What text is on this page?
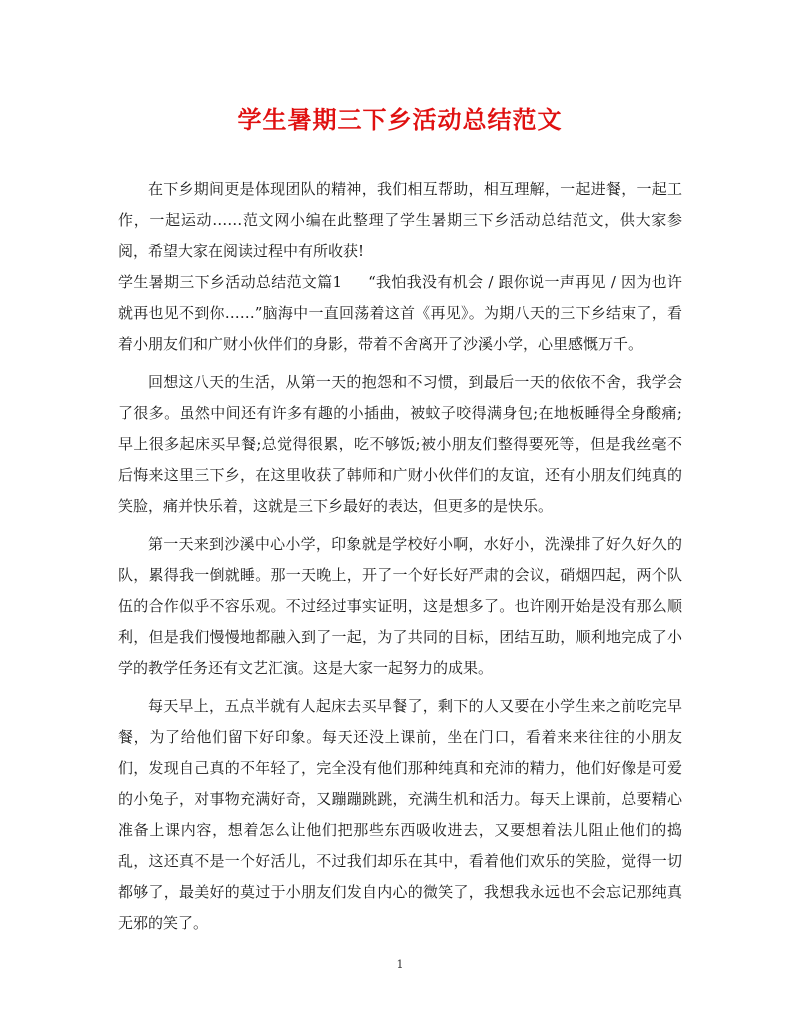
学生暑期三下乡活动总结范文

在下乡期间更是体现团队的精神，我们相互帮助，相互理解，一起进餐，一起工作，一起运动……范文网小编在此整理了学生暑期三下乡活动总结范文，供大家参阅，希望大家在阅读过程中有所收获!

学生暑期三下乡活动总结范文篇1 “我怕我没有机会 / 跟你说一声再见 / 因为也许就再也见不到你……”脑海中一直回荡着这首《再见》。为期八天的三下乡结束了，看着小朋友们和广财小伙伴们的身影，带着不舍离开了沙溪小学，心里感慨万千。

回想这八天的生活，从第一天的抱怨和不习惯，到最后一天的依依不舍，我学会了很多。虽然中间还有许多有趣的小插曲，被蚊子咬得满身包;在地板睡得全身酸痛;早上很多起床买早餐;总觉得很累，吃不够饭;被小朋友们整得要死等，但是我丝毫不后悔来这里三下乡，在这里收获了韩师和广财小伙伴们的友谊，还有小朋友们纯真的笑脸，痛并快乐着，这就是三下乡最好的表达，但更多的是快乐。

第一天来到沙溪中心小学，印象就是学校好小啊，水好小，洗澡排了好久好久的队，累得我一倒就睡。那一天晚上，开了一个好长好严肃的会议，硝烟四起，两个队伍的合作似乎不容乐观。不过经过事实证明，这是想多了。也许刚开始是没有那么顺利，但是我们慢慢地都融入到了一起，为了共同的目标，团结互助，顺利地完成了小学的教学任务还有文艺汇演。这是大家一起努力的成果。

每天早上，五点半就有人起床去买早餐了，剩下的人又要在小学生来之前吃完早餐，为了给他们留下好印象。每天还没上课前，坐在门口，看着来来往往的小朋友们，发现自己真的不年轻了，完全没有他们那种纯真和充沛的精力，他们好像是可爱的小兔子，对事物充满好奇，又蹦蹦跳跳，充满生机和活力。每天上课前，总要精心准备上课内容，想着怎么让他们把那些东西吸收进去，又要想着法儿阻止他们的捣乱，这还真不是一个好活儿，不过我们却乐在其中，看着他们欢乐的笑脸，觉得一切都够了，最美好的莫过于小朋友们发自内心的微笑了，我想我永远也不会忘记那纯真无邪的笑了。

1
